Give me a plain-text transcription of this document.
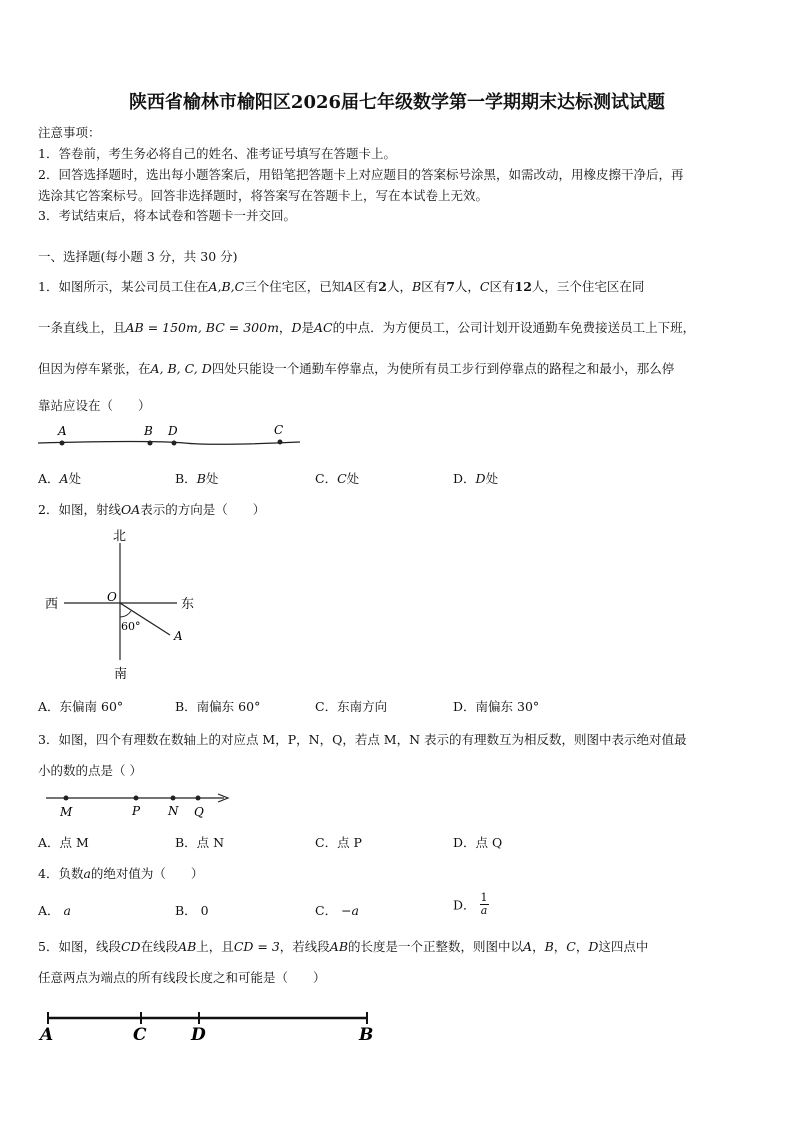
陕西省榆林市榆阳区2026届七年级数学第一学期期末达标测试试题
注意事项：
1．答卷前，考生务必将自己的姓名、准考证号填写在答题卡上。
2．回答选择题时，选出每小题答案后，用铅笔把答题卡上对应题目的答案标号涂黑，如需改动，用橡皮擦干净后，再
选涂其它答案标号。回答非选择题时，将答案写在答题卡上，写在本试卷上无效。
3．考试结束后，将本试卷和答题卡一并交回。
一、选择题(每小题 3 分，共 30 分)
1．如图所示，某公司员工住在A,B,C三个住宅区，已知A区有2人，B区有7人，C区有12人，三个住宅区在同
一条直线上，且AB = 150m, BC = 300m，D是AC的中点．为方便员工，公司计划开设通勤车免费接送员工上下班，
但因为停车紧张，在A, B, C, D四处只能设一个通勤车停靠点，为使所有员工步行到停靠点的路程之和最小，那么停
靠站应设在（　　）
A	B D	C
A．A处	B．B处	C．C处	D．D处
2．如图，射线OA表示的方向是（　　）
北
南
西	东
O
A
60°
A．东偏南 60°	B．南偏东 60°	C．东南方向	D．南偏东 30°
3．如图，四个有理数在数轴上的对应点 M，P，N，Q，若点 M，N 表示的有理数互为相反数，则图中表示绝对值最
小的数的点是（ ）
M	P N Q
A．点 M	B．点 N	C．点 P	D．点 Q
4．负数a的绝对值为（　　）
A． a	B． 0	C． −a	D． $\frac{1}{a}$
5．如图，线段CD在线段AB上，且CD = 3，若线段AB的长度是一个正整数，则图中以A，B，C，D这四点中
任意两点为端点的所有线段长度之和可能是（　　）
A	C	D	B
